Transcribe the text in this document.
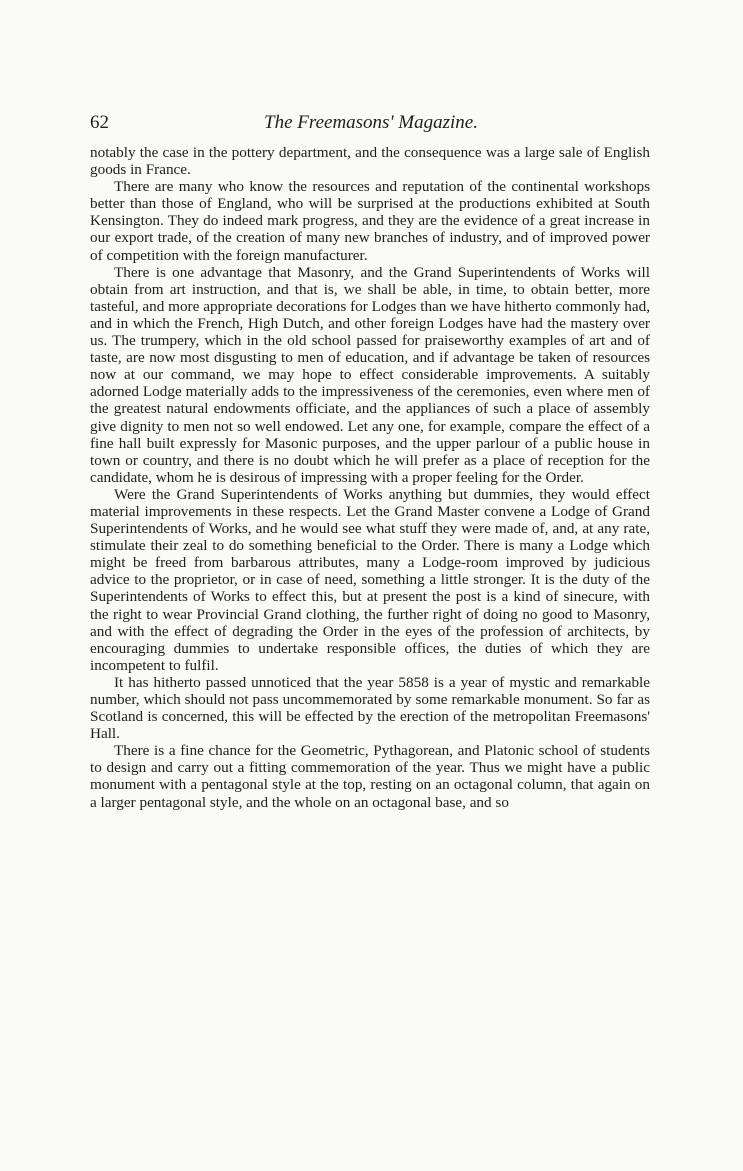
62	The Freemasons' Magazine.

notably the case in the pottery department, and the consequence was a large sale of English goods in France.

There are many who know the resources and reputation of the continental workshops better than those of England, who will be surprised at the productions exhibited at South Kensington. They do indeed mark progress, and they are the evidence of a great increase in our export trade, of the creation of many new branches of industry, and of improved power of competition with the foreign manufacturer.

There is one advantage that Masonry, and the Grand Superintendents of Works will obtain from art instruction, and that is, we shall be able, in time, to obtain better, more tasteful, and more appropriate decorations for Lodges than we have hitherto commonly had, and in which the French, High Dutch, and other foreign Lodges have had the mastery over us. The trumpery, which in the old school passed for praiseworthy examples of art and of taste, are now most disgusting to men of education, and if advantage be taken of resources now at our command, we may hope to effect considerable improvements. A suitably adorned Lodge materially adds to the impressiveness of the ceremonies, even where men of the greatest natural endowments officiate, and the appliances of such a place of assembly give dignity to men not so well endowed. Let any one, for example, compare the effect of a fine hall built expressly for Masonic purposes, and the upper parlour of a public house in town or country, and there is no doubt which he will prefer as a place of reception for the candidate, whom he is desirous of impressing with a proper feeling for the Order.

Were the Grand Superintendents of Works anything but dummies, they would effect material improvements in these respects. Let the Grand Master convene a Lodge of Grand Superintendents of Works, and he would see what stuff they were made of, and, at any rate, stimulate their zeal to do something beneficial to the Order. There is many a Lodge which might be freed from barbarous attributes, many a Lodge-room improved by judicious advice to the proprietor, or in case of need, something a little stronger. It is the duty of the Superintendents of Works to effect this, but at present the post is a kind of sinecure, with the right to wear Provincial Grand clothing, the further right of doing no good to Masonry, and with the effect of degrading the Order in the eyes of the profession of architects, by encouraging dummies to undertake responsible offices, the duties of which they are incompetent to fulfil.

It has hitherto passed unnoticed that the year 5858 is a year of mystic and remarkable number, which should not pass uncommemorated by some remarkable monument. So far as Scotland is concerned, this will be effected by the erection of the metropolitan Freemasons' Hall.

There is a fine chance for the Geometric, Pythagorean, and Platonic school of students to design and carry out a fitting commemoration of the year. Thus we might have a public monument with a pentagonal style at the top, resting on an octagonal column, that again on a larger pentagonal style, and the whole on an octagonal base, and so
